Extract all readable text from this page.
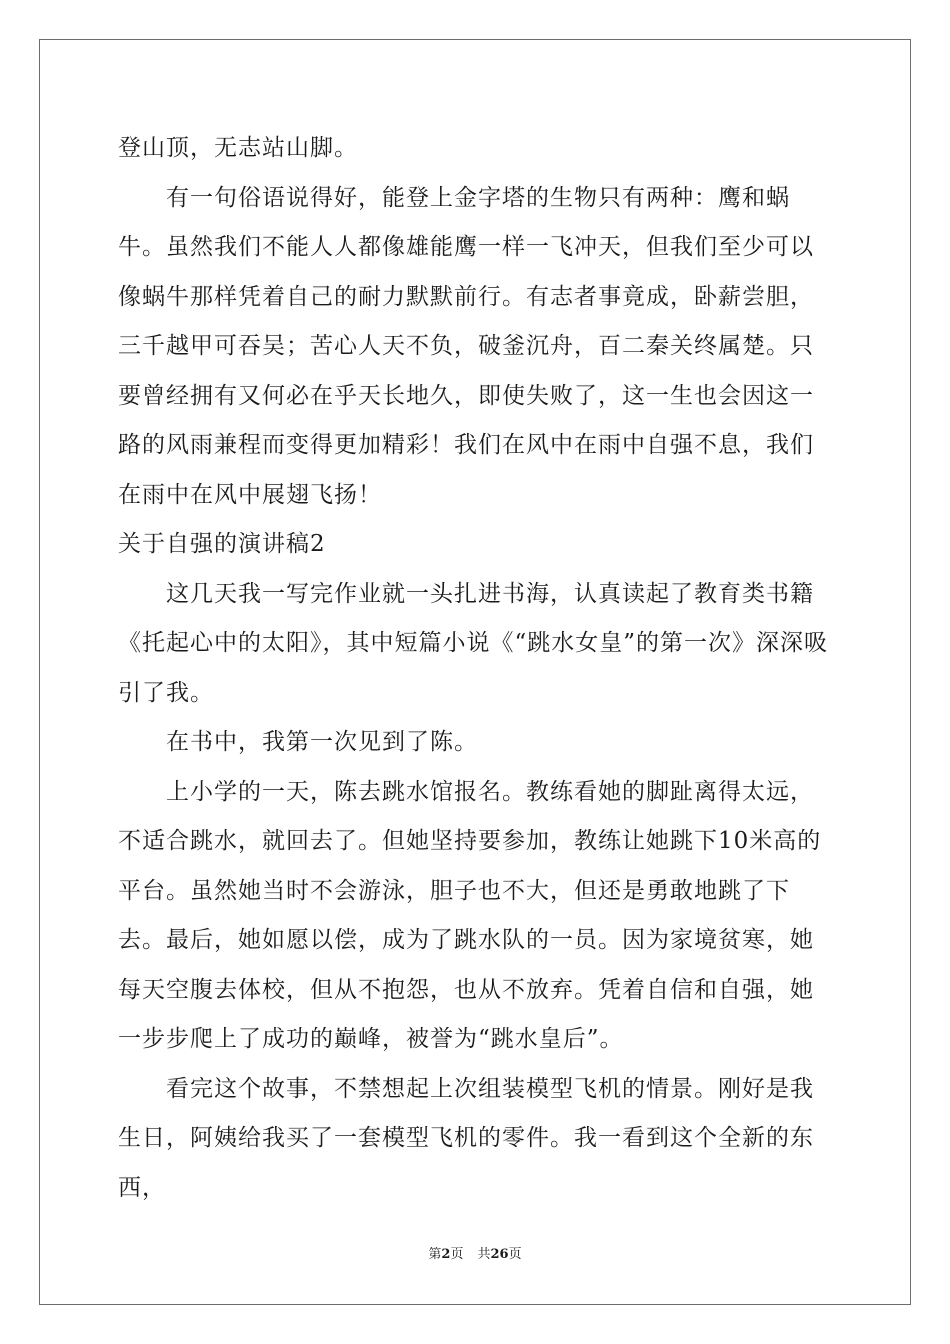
登山顶，无志站山脚。

有一句俗语说得好，能登上金字塔的生物只有两种：鹰和蜗牛。虽然我们不能人人都像雄能鹰一样一飞冲天，但我们至少可以像蜗牛那样凭着自己的耐力默默前行。有志者事竟成，卧薪尝胆，三千越甲可吞吴；苦心人天不负，破釜沉舟，百二秦关终属楚。只要曾经拥有又何必在乎天长地久，即使失败了，这一生也会因这一路的风雨兼程而变得更加精彩！我们在风中在雨中自强不息，我们在雨中在风中展翅飞扬！

关于自强的演讲稿2

这几天我一写完作业就一头扎进书海，认真读起了教育类书籍《托起心中的太阳》，其中短篇小说《“跳水女皇”的第一次》深深吸引了我。

在书中，我第一次见到了陈。

上小学的一天，陈去跳水馆报名。教练看她的脚趾离得太远，不适合跳水，就回去了。但她坚持要参加，教练让她跳下10米高的平台。虽然她当时不会游泳，胆子也不大，但还是勇敢地跳了下去。最后，她如愿以偿，成为了跳水队的一员。因为家境贫寒，她每天空腹去体校，但从不抱怨，也从不放弃。凭着自信和自强，她一步步爬上了成功的巅峰，被誉为“跳水皇后”。

看完这个故事，不禁想起上次组装模型飞机的情景。刚好是我生日，阿姨给我买了一套模型飞机的零件。我一看到这个全新的东西，

第2页 共26页
